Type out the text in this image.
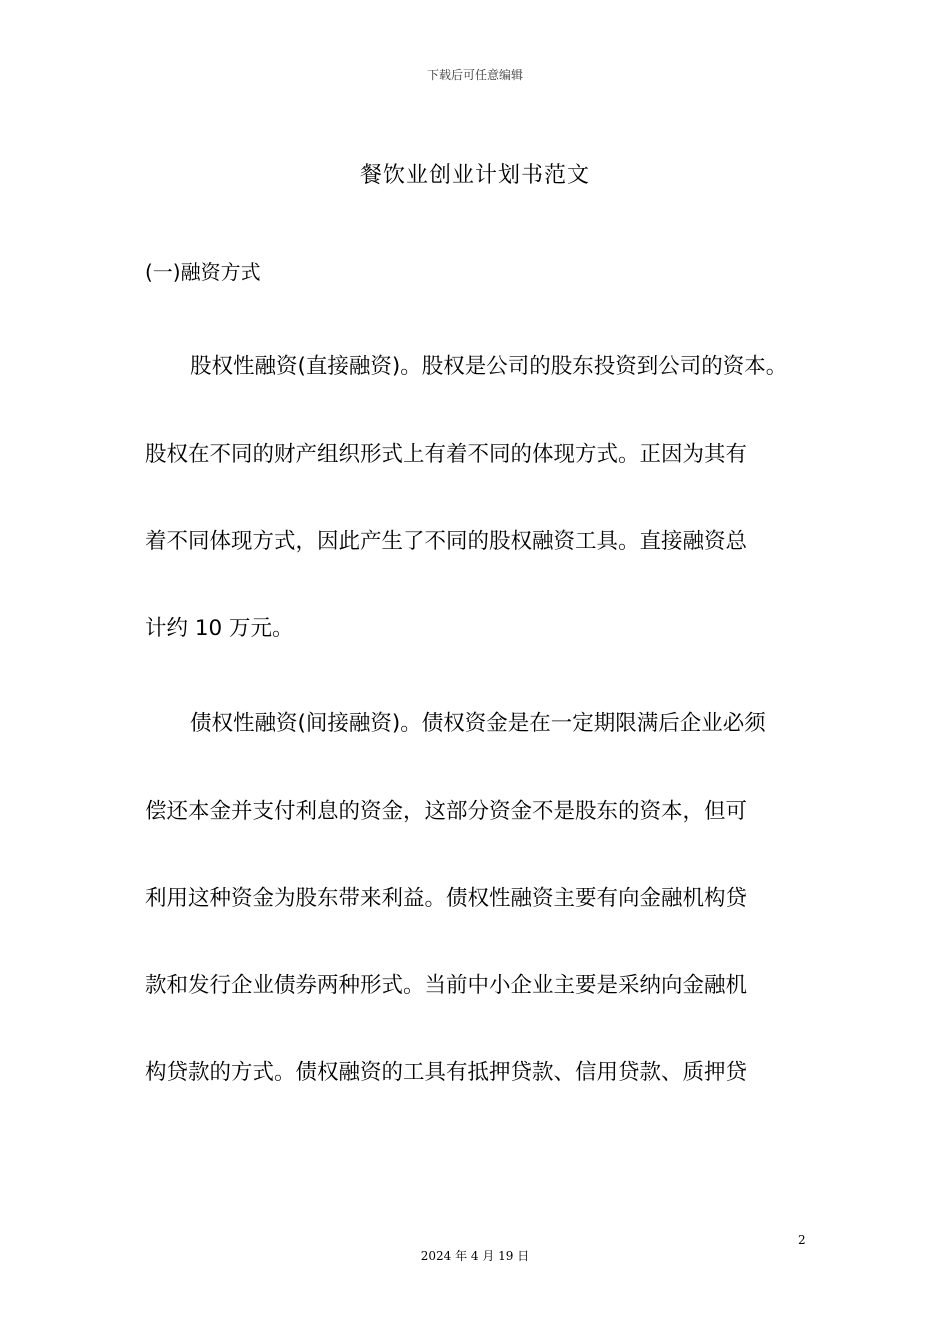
下载后可任意编辑
餐饮业创业计划书范文
(一)融资方式
股权性融资(直接融资)。股权是公司的股东投资到公司的资本。
股权在不同的财产组织形式上有着不同的体现方式。正因为其有
着不同体现方式，因此产生了不同的股权融资工具。直接融资总
计约 10 万元。
债权性融资(间接融资)。债权资金是在一定期限满后企业必须
偿还本金并支付利息的资金，这部分资金不是股东的资本，但可
利用这种资金为股东带来利益。债权性融资主要有向金融机构贷
款和发行企业债券两种形式。当前中小企业主要是采纳向金融机
构贷款的方式。债权融资的工具有抵押贷款、信用贷款、质押贷
2
2024 年 4 月 19 日
